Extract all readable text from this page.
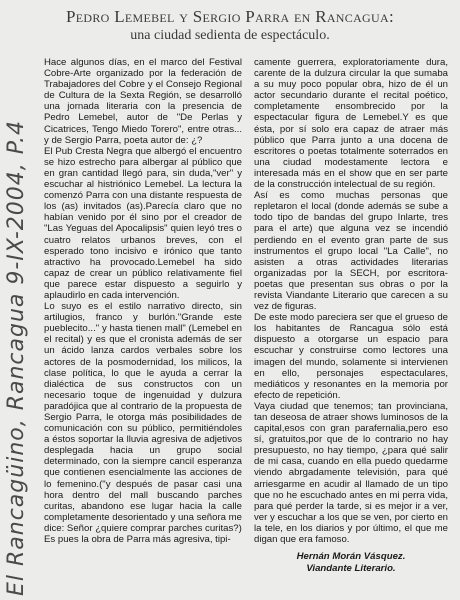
Pedro Lemebel y Sergio Parra en Rancagua:
una ciudad sedienta de espectáculo.

Hace algunos días, en el marco del Festival Cobre-Arte organizado por la federación de Trabajadores del Cobre y el Consejo Regional de Cultura de la Sexta Región, se desarrolló una jornada literaria con la presencia de Pedro Lemebel, autor de "De Perlas y Cicatrices, Tengo Miedo Torero", entre otras... y de Sergio Parra, poeta autor de: ¿?

El Pub Cresta Negra que albergó el encuentro se hizo estrecho para albergar al público que en gran cantidad llegó para, sin duda,"ver" y escuchar al histriónico Lemebel. La lectura la comenzó Parra con una distante respuesta de los (as) invitados (as).Parecía claro que no habían venido por él sino por el creador de "Las Yeguas del Apocalipsis" quien leyó tres o cuatro relatos urbanos breves, con el esperado tono incisivo e irónico que tanto atractivo ha provocado.Lemebel ha sido capaz de crear un público relativamente fiel que parece estar dispuesto a seguirlo y aplaudirlo en cada intervención.

Lo suyo es el estilo narrativo directo, sin artilugios, franco y burlón."Grande este pueblecito..." y hasta tienen mall" (Lemebel en el recital) y es que el cronista además de ser un ácido lanza cardos verbales sobre los actores de la posmodernidad, los milicos, la clase política, lo que le ayuda a cerrar la dialéctica de sus constructos con un necesario toque de ingenuidad y dulzura paradójica que al contrario de la propuesta de Sergio Parra, le otorga más posibilidades de comunicación con su público, permitiéndoles a éstos soportar la lluvia agresiva de adjetivos desplegada hacia un grupo social determinado, con la siempre cancil esperanza que contienen esencialmente las acciones de lo femenino.("y después de pasar casi una hora dentro del mall buscando parches curitas, abandono ese lugar hacia la calle completamente desorientado y una señora me dice: Señor ¿quiere comprar parches curitas?)

Es pues la obra de Parra más agresiva, tipi-

camente guerrera, exploratoriamente dura, carente de la dulzura circular la que sumaba a su muy poco popular obra, hizo de él un actor secundario durante el recital poético, completamente ensombrecido por la espectacular figura de Lemebel.Y es que ésta, por sí solo era capaz de atraer más público que Parra junto a una docena de escritores o poetas totalmente soterrados en una ciudad modestamente lectora e interesada más en el show que en ser parte de la construcción intelectual de su región.

Así es como muchas personas que repletaron el local (donde además se sube a todo tipo de bandas del grupo Inlarte, tres para el arte) que alguna vez se incendió perdiendo en el evento gran parte de sus instrumentos el grupo local "La Calle", no asisten a otras actividades literarias organizadas por la SECH, por escritora-poetas que presentan sus obras o por la revista Viandante Literario que carecen a su vez de figuras.

De este modo pareciera ser que el grueso de los habitantes de Rancagua sólo está dispuesto a otorgarse un espacio para escuchar y construirse como lectores una imagen del mundo, solamente si intervienen en ello, personajes espectaculares, mediáticos y resonantes en la memoria por efecto de repetición.

Vaya ciudad que tenemos; tan provinciana, tan deseosa de atraer shows luminosos de la capital,esos con gran parafernalia,pero eso sí, gratuitos,por que de lo contrario no hay presupuesto, no hay tiempo, ¿para qué salir de mi casa, cuando en ella puedo quedarme viendo abrgadamente televisión, para qué arriesgarme en acudir al llamado de un tipo que no he escuchado antes en mi perra vida, para qué perder la tarde, si es mejor ir a ver, ver y escuchar a los que se ven, por cierto en la tele, en los diarios y por último, el que me digan que era famoso.

Hernán Morán Vásquez.
Viandante Literario.
El Rancagüino, Rancagua 9-IX-2004, P.4
